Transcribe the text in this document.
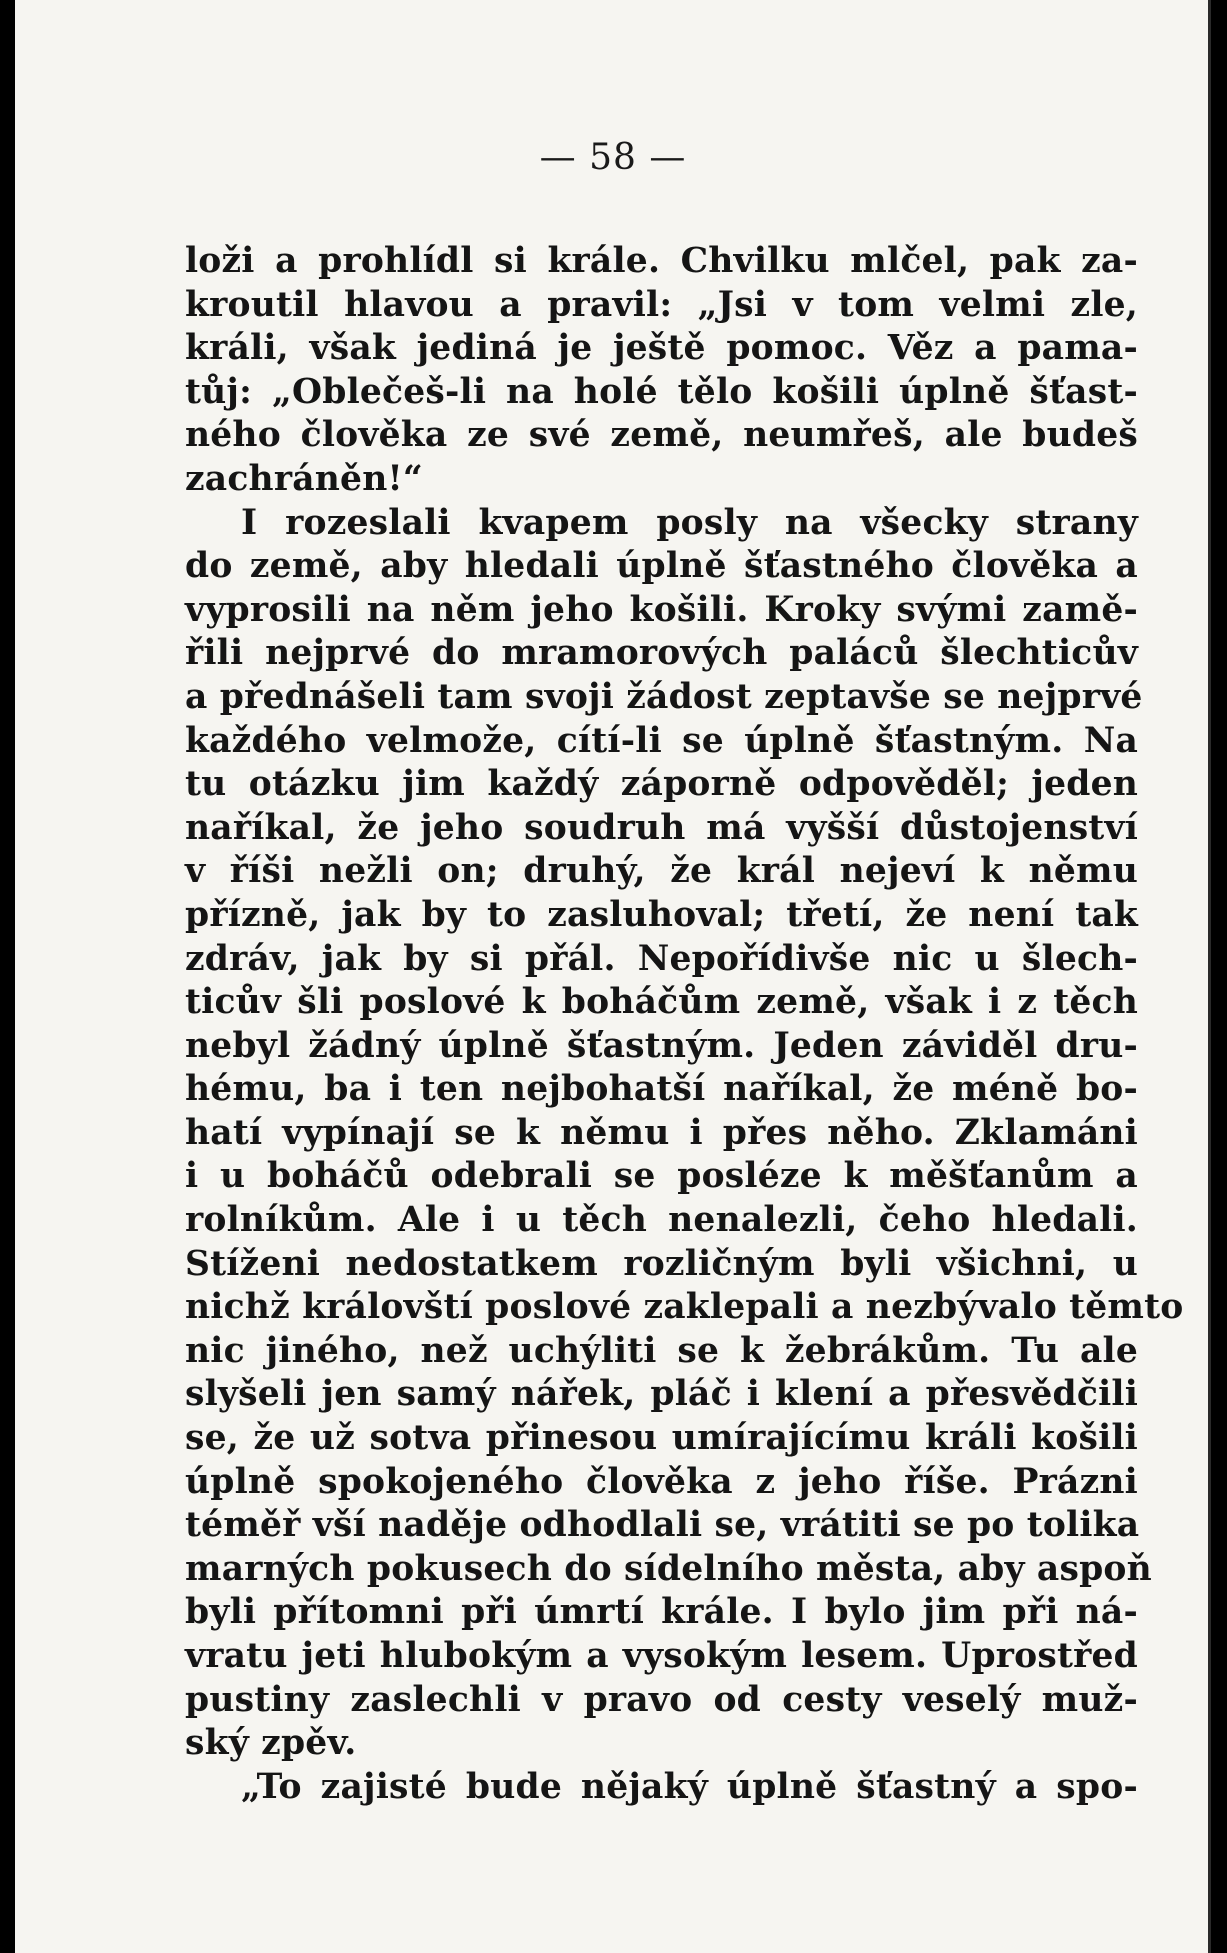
— 58 —
loži a prohlídl si krále. Chvilku mlčel, pak za-
kroutil hlavou a pravil: „Jsi v tom velmi zle,
králi, však jediná je ještě pomoc. Věz a pama-
tůj: „Oblečeš-li na holé tělo košili úplně šťast-
ného člověka ze své země, neumřeš, ale budeš
zachráněn!“
I rozeslali kvapem posly na všecky strany
do země, aby hledali úplně šťastného člověka a
vyprosili na něm jeho košili. Kroky svými zamě-
řili nejprvé do mramorových paláců šlechticův
a přednášeli tam svoji žádost zeptavše se nejprvé
každého velmože, cítí-li se úplně šťastným. Na
tu otázku jim každý záporně odpověděl; jeden
naříkal, že jeho soudruh má vyšší důstojenství
v říši nežli on; druhý, že král nejeví k němu
přízně, jak by to zasluhoval; třetí, že není tak
zdráv, jak by si přál. Nepořídivše nic u šlech-
ticův šli poslové k boháčům země, však i z těch
nebyl žádný úplně šťastným. Jeden záviděl dru-
hému, ba i ten nejbohatší naříkal, že méně bo-
hatí vypínají se k němu i přes něho. Zklamáni
i u boháčů odebrali se posléze k měšťanům a
rolníkům. Ale i u těch nenalezli, čeho hledali.
Stíženi nedostatkem rozličným byli všichni, u
nichž královští poslové zaklepali a nezbývalo těmto
nic jiného, než uchýliti se k žebrákům. Tu ale
slyšeli jen samý nářek, pláč i klení a přesvědčili
se, že už sotva přinesou umírajícímu králi košili
úplně spokojeného člověka z jeho říše. Prázni
téměř vší naděje odhodlali se, vrátiti se po tolika
marných pokusech do sídelního města, aby aspoň
byli přítomni při úmrtí krále. I bylo jim při ná-
vratu jeti hlubokým a vysokým lesem. Uprostřed
pustiny zaslechli v pravo od cesty veselý muž-
ský zpěv.
„To zajisté bude nějaký úplně šťastný a spo-
